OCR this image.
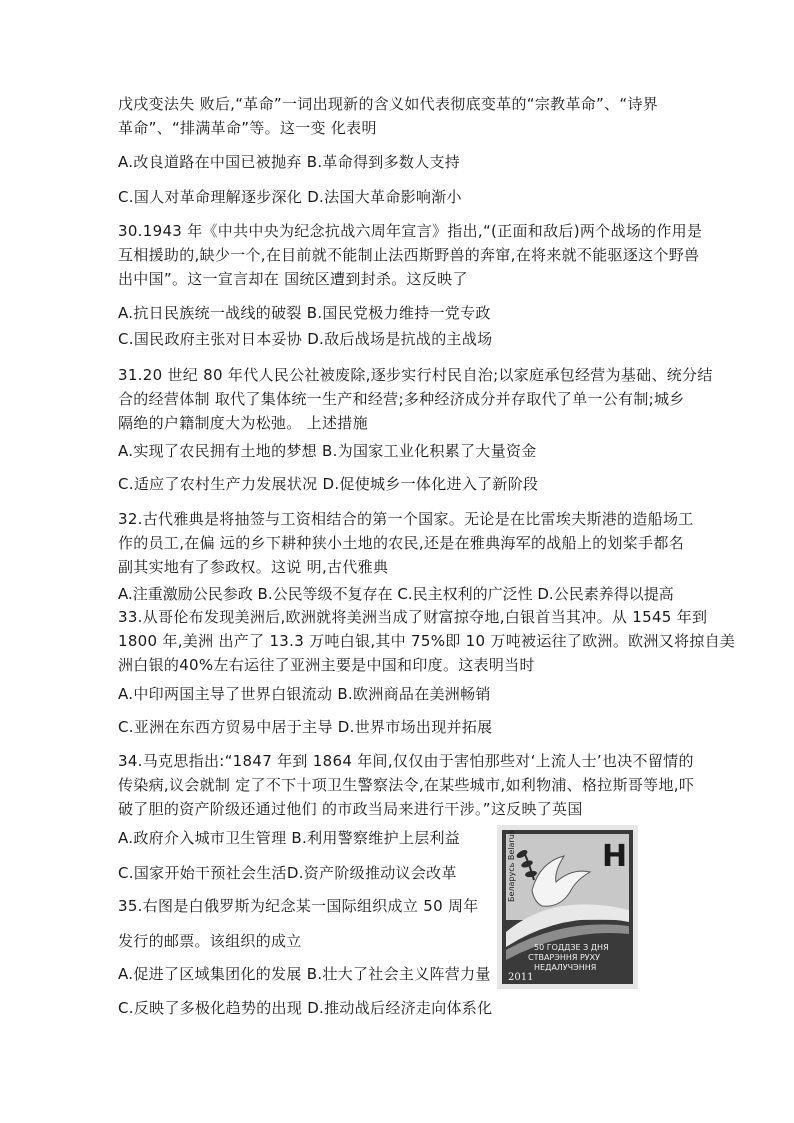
戊戌变法失 败后,“革命”一词出现新的含义如代表彻底变革的“宗教革命”、“诗界
革命”、“排满革命”等。这一变 化表明

A.改良道路在中国已被抛弃 B.革命得到多数人支持

C.国人对革命理解逐步深化 D.法国大革命影响渐小

30.1943 年《中共中央为纪念抗战六周年宣言》指出,“(正面和敌后)两个战场的作用是
互相援助的,缺少一个,在目前就不能制止法西斯野兽的奔窜,在将来就不能驱逐这个野兽
出中国”。这一宣言却在 国统区遭到封杀。这反映了

A.抗日民族统一战线的破裂 B.国民党极力维持一党专政

C.国民政府主张对日本妥协 D.敌后战场是抗战的主战场

31.20 世纪 80 年代人民公社被废除,逐步实行村民自治;以家庭承包经营为基础、统分结
合的经营体制 取代了集体统一生产和经营;多种经济成分并存取代了单一公有制;城乡
隔绝的户籍制度大为松弛。 上述措施

A.实现了农民拥有土地的梦想 B.为国家工业化积累了大量资金

C.适应了农村生产力发展状况 D.促使城乡一体化进入了新阶段

32.古代雅典是将抽签与工资相结合的第一个国家。无论是在比雷埃夫斯港的造船场工
作的员工,在偏 远的乡下耕种狭小土地的农民,还是在雅典海军的战船上的划桨手都名
副其实地有了参政权。这说 明,古代雅典

A.注重激励公民参政 B.公民等级不复存在 C.民主权利的广泛性 D.公民素养得以提高

33.从哥伦布发现美洲后,欧洲就将美洲当成了财富掠夺地,白银首当其冲。从 1545 年到
1800 年,美洲 出产了 13.3 万吨白银,其中 75%即 10 万吨被运往了欧洲。欧洲又将掠自美
洲白银的40%左右运往了亚洲主要是中国和印度。这表明当时

A.中印两国主导了世界白银流动 B.欧洲商品在美洲畅销

C.亚洲在东西方贸易中居于主导 D.世界市场出现并拓展

34.马克思指出:“1847 年到 1864 年间,仅仅由于害怕那些对‘上流人士’也决不留情的
传染病,议会就制 定了不下十项卫生警察法令,在某些城市,如利物浦、格拉斯哥等地,吓
破了胆的资产阶级还通过他们 的市政当局来进行干涉。”这反映了英国

A.政府介入城市卫生管理 B.利用警察维护上层利益

C.国家开始干预社会生活D.资产阶级推动议会改革

35.右图是白俄罗斯为纪念某一国际组织成立 50 周年

发行的邮票。该组织的成立

A.促进了区域集团化的发展 B.壮大了社会主义阵营力量

C.反映了多极化趋势的出现 D.推动战后经济走向体系化

Беларусь Belarus	H
50 ГОДДЗЕ З ДНЯ
СТВАРЭННЯ РУХУ
НЕДАЛУЧЭННЯ
2011
